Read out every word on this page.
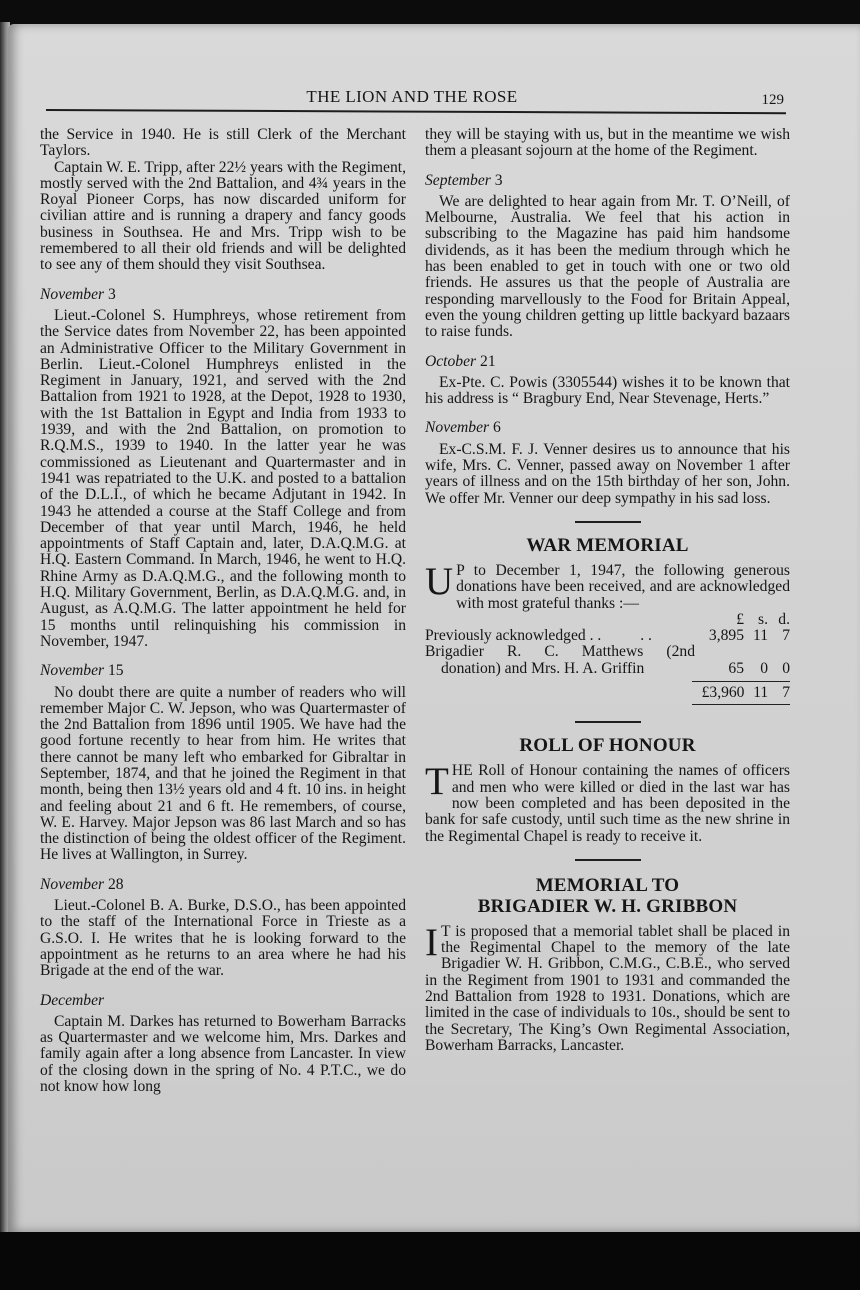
THE LION AND THE ROSE	129

the Service in 1940. He is still Clerk of the Merchant Taylors.

Captain W. E. Tripp, after 22½ years with the Regiment, mostly served with the 2nd Battalion, and 4¾ years in the Royal Pioneer Corps, has now discarded uniform for civilian attire and is running a drapery and fancy goods business in Southsea. He and Mrs. Tripp wish to be remembered to all their old friends and will be delighted to see any of them should they visit Southsea.

November 3

Lieut.-Colonel S. Humphreys, whose retirement from the Service dates from November 22, has been appointed an Administrative Officer to the Military Government in Berlin. Lieut.-Colonel Humphreys enlisted in the Regiment in January, 1921, and served with the 2nd Battalion from 1921 to 1928, at the Depot, 1928 to 1930, with the 1st Battalion in Egypt and India from 1933 to 1939, and with the 2nd Battalion, on promotion to R.Q.M.S., 1939 to 1940. In the latter year he was commissioned as Lieutenant and Quartermaster and in 1941 was repatriated to the U.K. and posted to a battalion of the D.L.I., of which he became Adjutant in 1942. In 1943 he attended a course at the Staff College and from December of that year until March, 1946, he held appointments of Staff Captain and, later, D.A.Q.M.G. at H.Q. Eastern Command. In March, 1946, he went to H.Q. Rhine Army as D.A.Q.M.G., and the following month to H.Q. Military Government, Berlin, as D.A.Q.M.G. and, in August, as A.Q.M.G. The latter appointment he held for 15 months until relinquishing his commission in November, 1947.

November 15

No doubt there are quite a number of readers who will remember Major C. W. Jepson, who was Quartermaster of the 2nd Battalion from 1896 until 1905. We have had the good fortune recently to hear from him. He writes that there cannot be many left who embarked for Gibraltar in September, 1874, and that he joined the Regiment in that month, being then 13½ years old and 4 ft. 10 ins. in height and feeling about 21 and 6 ft. He remembers, of course, W. E. Harvey. Major Jepson was 86 last March and so has the distinction of being the oldest officer of the Regiment. He lives at Wallington, in Surrey.

November 28

Lieut.-Colonel B. A. Burke, D.S.O., has been appointed to the staff of the International Force in Trieste as a G.S.O. I. He writes that he is looking forward to the appointment as he returns to an area where he had his Brigade at the end of the war.

December

Captain M. Darkes has returned to Bowerham Barracks as Quartermaster and we welcome him, Mrs. Darkes and family again after a long absence from Lancaster. In view of the closing down in the spring of No. 4 P.T.C., we do not know how long

they will be staying with us, but in the meantime we wish them a pleasant sojourn at the home of the Regiment.

September 3

We are delighted to hear again from Mr. T. O’Neill, of Melbourne, Australia. We feel that his action in subscribing to the Magazine has paid him handsome dividends, as it has been the medium through which he has been enabled to get in touch with one or two old friends. He assures us that the people of Australia are responding marvellously to the Food for Britain Appeal, even the young children getting up little backyard bazaars to raise funds.

October 21

Ex-Pte. C. Powis (3305544) wishes it to be known that his address is “ Bragbury End, Near Stevenage, Herts.”

November 6

Ex-C.S.M. F. J. Venner desires us to announce that his wife, Mrs. C. Venner, passed away on November 1 after years of illness and on the 15th birthday of her son, John. We offer Mr. Venner our deep sympathy in his sad loss.

WAR MEMORIAL

U P to December 1, 1947, the following generous donations have been received, and are acknowledged with most grateful thanks :—

£ s. d.
Previously acknowledged . .          . .	3,895 11 7
Brigadier R. C. Matthews (2nd
donation) and Mrs. H. A. Griffin	65	0 0
£3,960 11 7
ROLL OF HONOUR

THE Roll of Honour containing the names of officers and men who were killed or died in the last war has now been completed and has been deposited in the bank for safe custody, until such time as the new shrine in the Regimental Chapel is ready to receive it.

MEMORIAL TO
BRIGADIER W. H. GRIBBON

I T is proposed that a memorial tablet shall be placed in the Regimental Chapel to the memory of the late Brigadier W. H. Gribbon, C.M.G., C.B.E., who served in the Regiment from 1901 to 1931 and commanded the 2nd Battalion from 1928 to 1931. Donations, which are limited in the case of individuals to 10s., should be sent to the Secretary, The King’s Own Regimental Association, Bowerham Barracks, Lancaster.
